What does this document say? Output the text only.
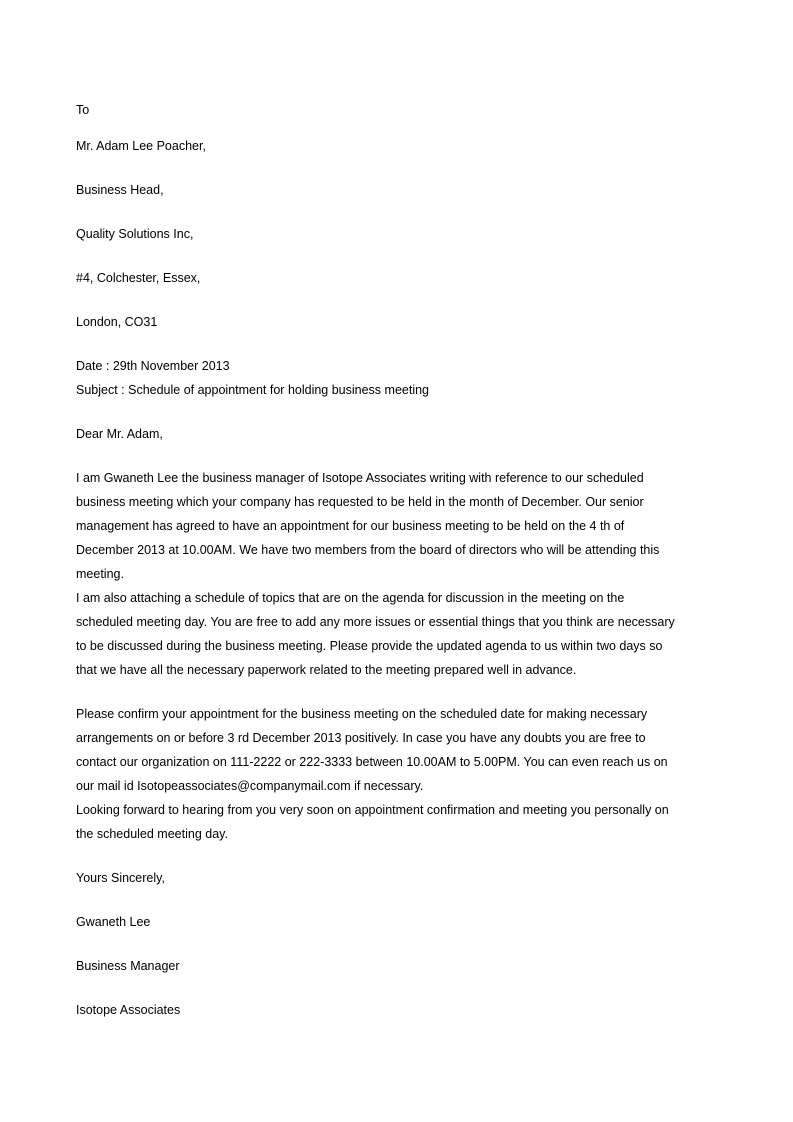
To
Mr. Adam Lee Poacher,
Business Head,
Quality Solutions Inc,
#4, Colchester, Essex,
London, CO31
Date : 29th November 2013
Subject : Schedule of appointment for holding business meeting
Dear Mr. Adam,
I am Gwaneth Lee the business manager of Isotope Associates writing with reference to our scheduled
business meeting which your company has requested to be held in the month of December. Our senior
management has agreed to have an appointment for our business meeting to be held on the 4 th of
December 2013 at 10.00AM. We have two members from the board of directors who will be attending this
meeting.
I am also attaching a schedule of topics that are on the agenda for discussion in the meeting on the
scheduled meeting day. You are free to add any more issues or essential things that you think are necessary
to be discussed during the business meeting. Please provide the updated agenda to us within two days so
that we have all the necessary paperwork related to the meeting prepared well in advance.
Please confirm your appointment for the business meeting on the scheduled date for making necessary
arrangements on or before 3 rd December 2013 positively. In case you have any doubts you are free to
contact our organization on 111-2222 or 222-3333 between 10.00AM to 5.00PM. You can even reach us on
our mail id Isotopeassociates@companymail.com if necessary.
Looking forward to hearing from you very soon on appointment confirmation and meeting you personally on
the scheduled meeting day.
Yours Sincerely,
Gwaneth Lee
Business Manager
Isotope Associates
